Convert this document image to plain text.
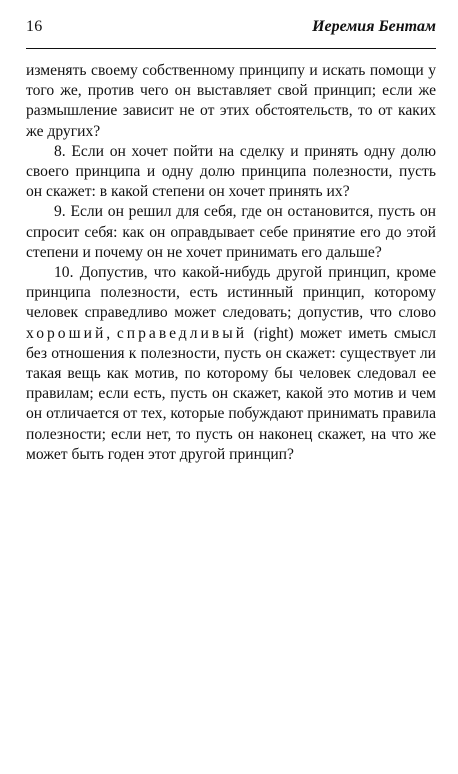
16	Иеремия Бентам

изменять своему собственному принципу и искать помощи у того же, против чего он выставляет свой принцип; если же размышление зависит не от этих обстоятельств, то от каких же других?

8. Если он хочет пойти на сделку и принять одну долю своего принципа и одну долю принципа полезности, пусть он скажет: в какой степени он хочет принять их?

9. Если он решил для себя, где он остановится, пусть он спросит себя: как он оправдывает себе принятие его до этой степени и почему он не хочет принимать его дальше?

10. Допустив, что какой-нибудь другой принцип, кроме принципа полезности, есть истинный принцип, которому человек справедливо может следовать; допустив, что слово хороший, справедливый (right) может иметь смысл без отношения к полезности, пусть он скажет: существует ли такая вещь как мотив, по которому бы человек следовал ее правилам; если есть, пусть он скажет, какой это мотив и чем он отличается от тех, которые побуждают принимать правила полезности; если нет, то пусть он наконец скажет, на что же может быть годен этот другой принцип?
